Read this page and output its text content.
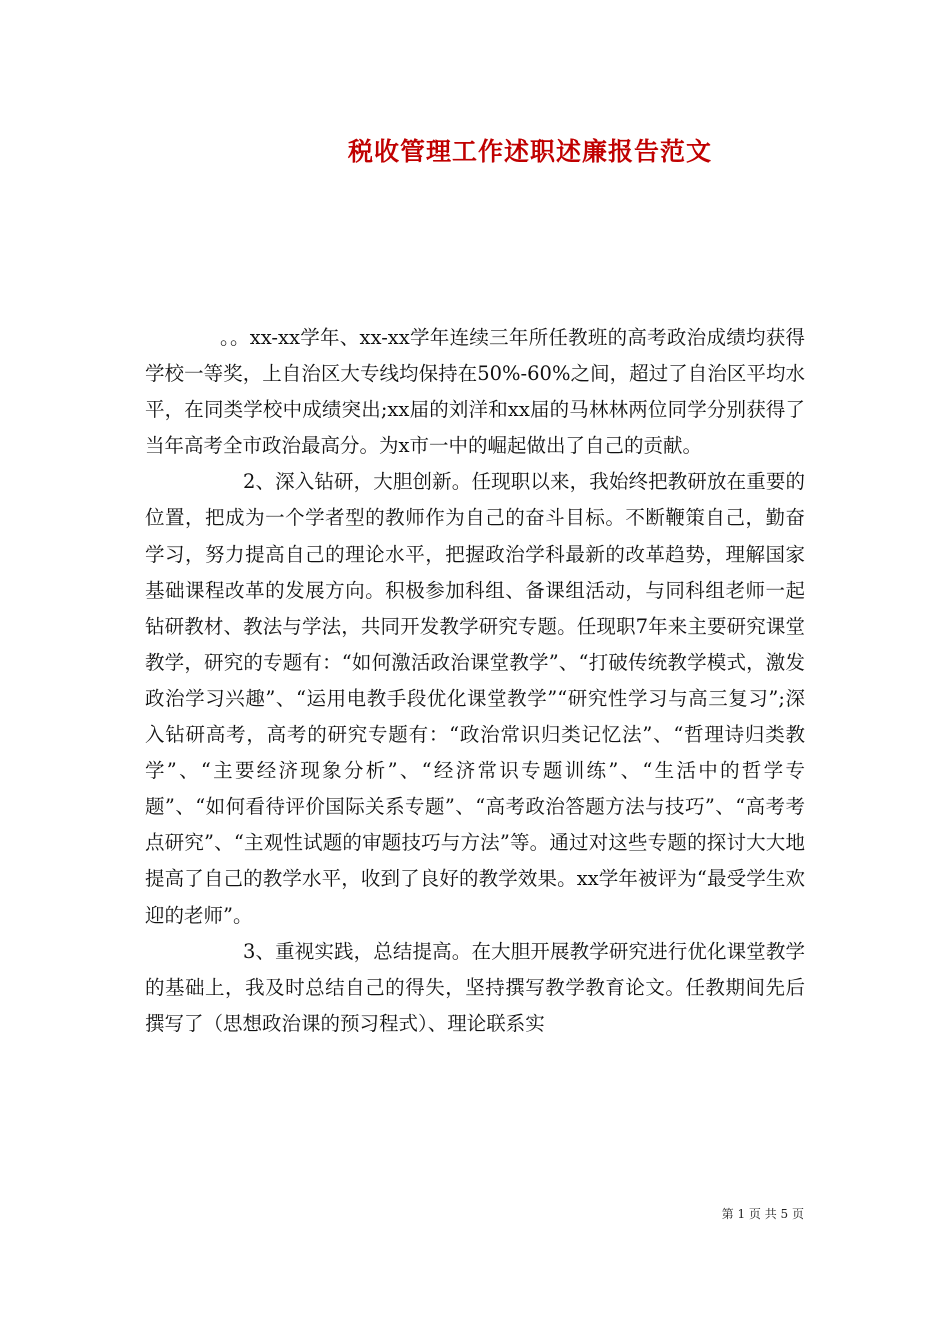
税收管理工作述职述廉报告范文

。。xx-xx学年、xx-xx学年连续三年所任教班的高考政治成绩均获得学校一等奖，上自治区大专线均保持在50%-60%之间，超过了自治区平均水平，在同类学校中成绩突出;xx届的刘洋和xx届的马林林两位同学分别获得了当年高考全市政治最高分。为x市一中的崛起做出了自己的贡献。

2、深入钻研，大胆创新。任现职以来，我始终把教研放在重要的位置，把成为一个学者型的教师作为自己的奋斗目标。不断鞭策自己，勤奋学习，努力提高自己的理论水平，把握政治学科最新的改革趋势，理解国家基础课程改革的发展方向。积极参加科组、备课组活动，与同科组老师一起钻研教材、教法与学法，共同开发教学研究专题。任现职7年来主要研究课堂教学，研究的专题有：“如何激活政治课堂教学”、“打破传统教学模式，激发政治学习兴趣”、“运用电教手段优化课堂教学”“研究性学习与高三复习”;深入钻研高考，高考的研究专题有：“政治常识归类记忆法”、“哲理诗归类教学”、“主要经济现象分析”、“经济常识专题训练”、“生活中的哲学专题”、“如何看待评价国际关系专题”、“高考政治答题方法与技巧”、“高考考点研究”、“主观性试题的审题技巧与方法”等。通过对这些专题的探讨大大地提高了自己的教学水平，收到了良好的教学效果。xx学年被评为“最受学生欢迎的老师”。

3、重视实践，总结提高。在大胆开展教学研究进行优化课堂教学的基础上，我及时总结自己的得失，坚持撰写教学教育论文。任教期间先后撰写了（思想政治课的预习程式）、理论联系实

第 1 页 共 5 页
